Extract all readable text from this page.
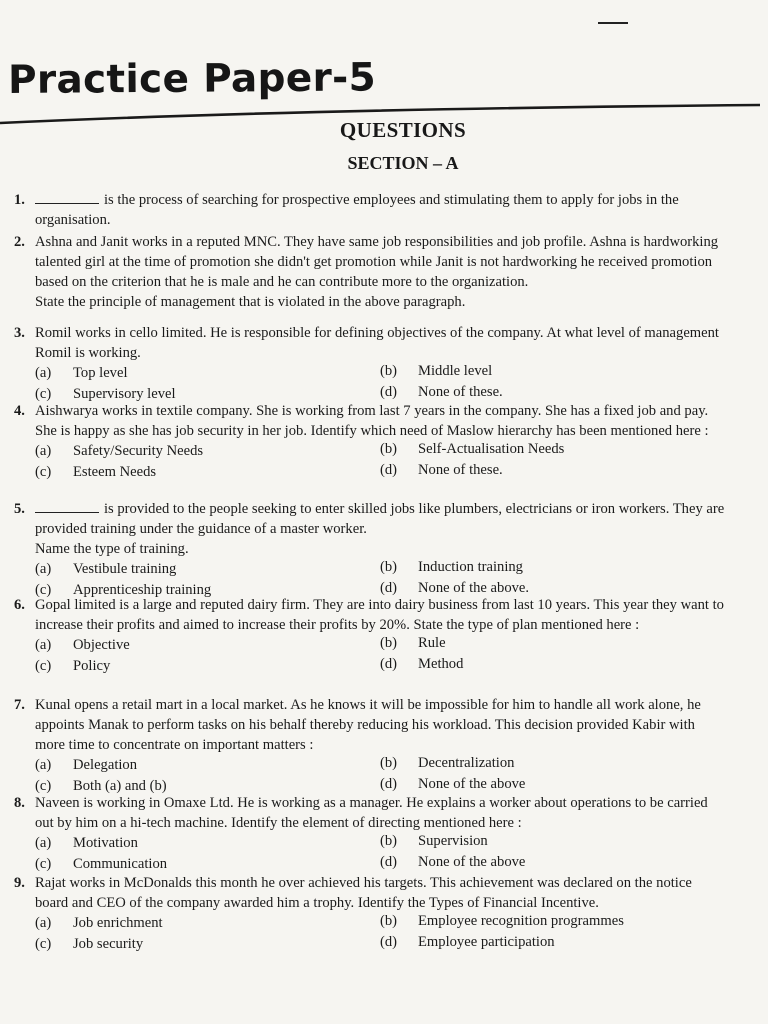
Practice Paper-5
QUESTIONS
SECTION – A
1.	is the process of searching for prospective employees and stimulating them to apply for jobs in the organisation.
2. Ashna and Janit works in a reputed MNC. They have same job responsibilities and job profile. Ashna is hardworking talented girl at the time of promotion she didn't get promotion while Janit is not hardworking he received promotion based on the criterion that he is male and he can contribute more to the organization.
State the principle of management that is violated in the above paragraph.
3. Romil works in cello limited. He is responsible for defining objectives of the company. At what level of management Romil is working.
(a) Top level	(b) Middle level
(c) Supervisory level	(d) None of these.
4. Aishwarya works in textile company. She is working from last 7 years in the company. She has a fixed job and pay. She is happy as she has job security in her job. Identify which need of Maslow hierarchy has been mentioned here :
(a) Safety/Security Needs	(b) Self-Actualisation Needs
(c) Esteem Needs	(d) None of these.
5.	is provided to the people seeking to enter skilled jobs like plumbers, electricians or iron workers. They are provided training under the guidance of a master worker.
Name the type of training.
(a) Vestibule training	(b) Induction training
(c) Apprenticeship training	(d) None of the above.
6. Gopal limited is a large and reputed dairy firm. They are into dairy business from last 10 years. This year they want to increase their profits and aimed to increase their profits by 20%. State the type of plan mentioned here :
(a) Objective	(b) Rule
(c) Policy	(d) Method
7. Kunal opens a retail mart in a local market. As he knows it will be impossible for him to handle all work alone, he appoints Manak to perform tasks on his behalf thereby reducing his workload. This decision provided Kabir with more time to concentrate on important matters :
(a) Delegation	(b) Decentralization
(c) Both (a) and (b)	(d) None of the above
8. Naveen is working in Omaxe Ltd. He is working as a manager. He explains a worker about operations to be carried out by him on a hi-tech machine. Identify the element of directing mentioned here :
(a) Motivation	(b) Supervision
(c) Communication	(d) None of the above
9. Rajat works in McDonalds this month he over achieved his targets. This achievement was declared on the notice board and CEO of the company awarded him a trophy. Identify the Types of Financial Incentive.
(a) Job enrichment	(b) Employee recognition programmes
(c) Job security	(d) Employee participation
